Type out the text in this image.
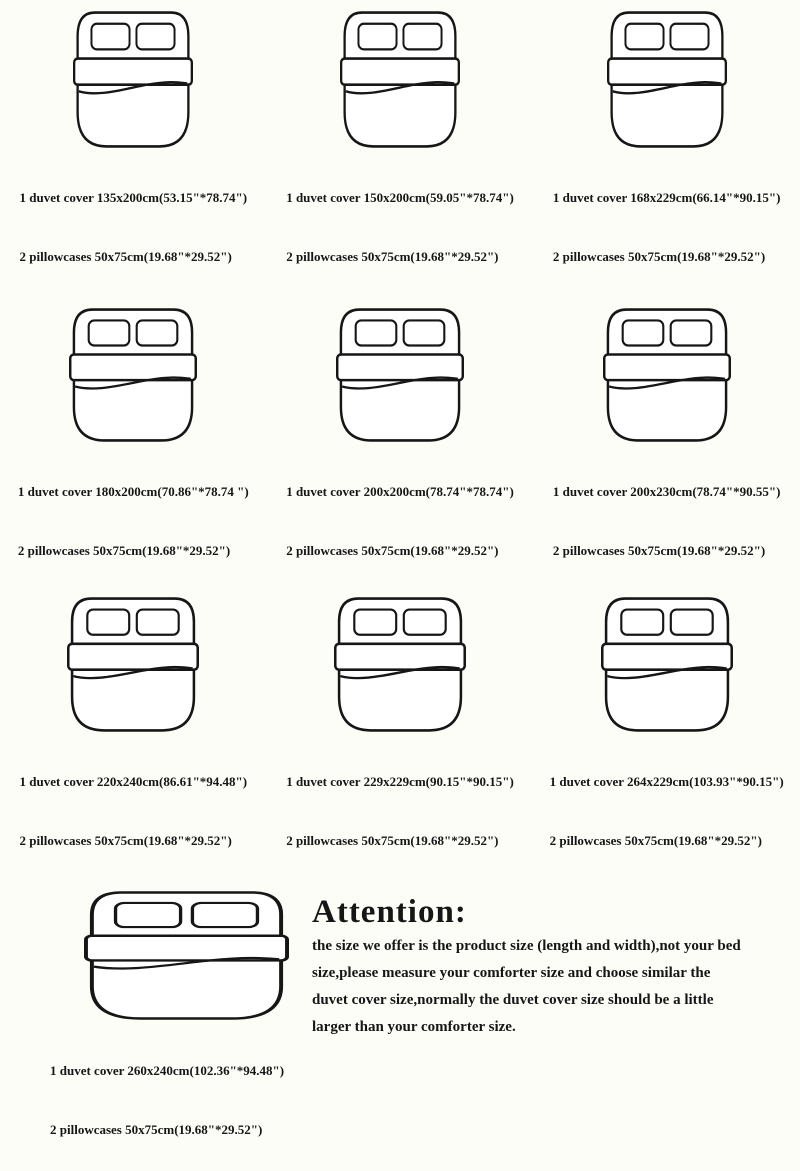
1 duvet cover 135x200cm(53.15"*78.74")

2 pillowcases 50x75cm(19.68"*29.52")

1 duvet cover 150x200cm(59.05"*78.74")

2 pillowcases 50x75cm(19.68"*29.52")

1 duvet cover 168x229cm(66.14"*90.15")

2 pillowcases 50x75cm(19.68"*29.52")

1 duvet cover 180x200cm(70.86"*78.74 ")

2 pillowcases 50x75cm(19.68"*29.52")

1 duvet cover 200x200cm(78.74"*78.74")

2 pillowcases 50x75cm(19.68"*29.52")

1 duvet cover 200x230cm(78.74"*90.55")

2 pillowcases 50x75cm(19.68"*29.52")

1 duvet cover 220x240cm(86.61"*94.48")

2 pillowcases 50x75cm(19.68"*29.52")

1 duvet cover 229x229cm(90.15"*90.15")

2 pillowcases 50x75cm(19.68"*29.52")

1 duvet cover 264x229cm(103.93"*90.15")

2 pillowcases 50x75cm(19.68"*29.52")

1 duvet cover 260x240cm(102.36"*94.48")

2 pillowcases 50x75cm(19.68"*29.52")

Attention:
the size we offer is the product size (length and width),not your bed
size,please measure your comforter size and choose similar the
duvet cover size,normally the duvet cover size should be a little
larger than your comforter size.
